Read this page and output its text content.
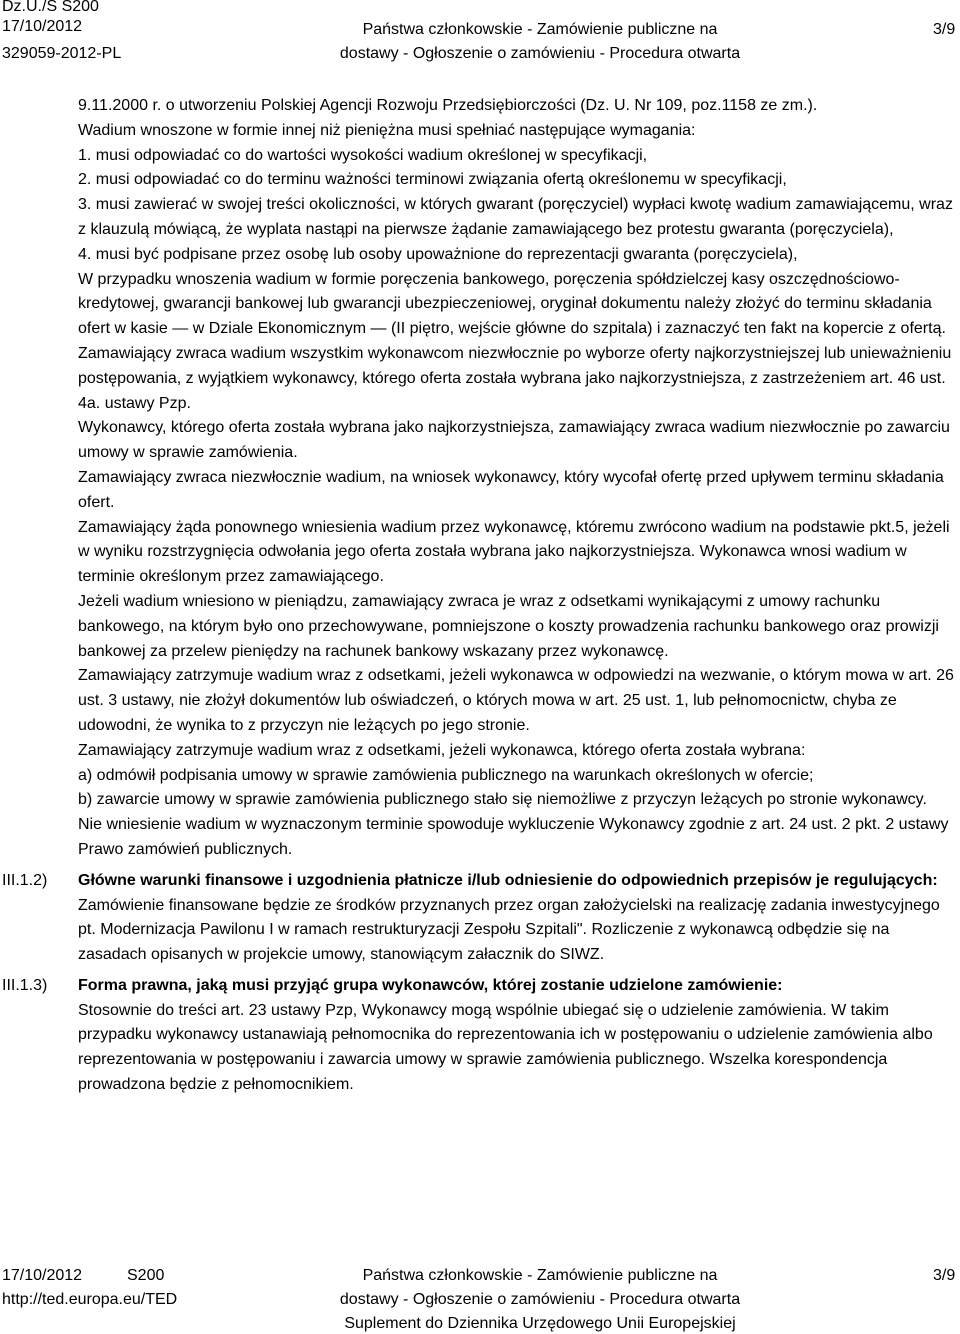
Dz.U./S S200
17/10/2012
329059-2012-PL
Państwa członkowskie - Zamówienie publiczne na
dostawy - Ogłoszenie o zamówieniu - Procedura otwarta
3/9

9.11.2000 r. o utworzeniu Polskiej Agencji Rozwoju Przedsiębiorczości (Dz. U. Nr 109, poz.1158 ze zm.).

Wadium wnoszone w formie innej niż pieniężna musi spełniać następujące wymagania:

1. musi odpowiadać co do wartości wysokości wadium określonej w specyfikacji,

2. musi odpowiadać co do terminu ważności terminowi związania ofertą określonemu w specyfikacji,

3. musi zawierać w swojej treści okoliczności, w których gwarant (poręczyciel) wypłaci kwotę wadium zamawiającemu, wraz z klauzulą mówiącą, że wyplata nastąpi na pierwsze żądanie zamawiającego bez protestu gwaranta (poręczyciela),

4. musi być podpisane przez osobę lub osoby upoważnione do reprezentacji gwaranta (poręczyciela),

W przypadku wnoszenia wadium w formie poręczenia bankowego, poręczenia spółdzielczej kasy oszczędnościowo-kredytowej, gwarancji bankowej lub gwarancji ubezpieczeniowej, oryginał dokumentu należy złożyć do terminu składania ofert w kasie — w Dziale Ekonomicznym — (II piętro, wejście główne do szpitala) i zaznaczyć ten fakt na kopercie z ofertą.

Zamawiający zwraca wadium wszystkim wykonawcom niezwłocznie po wyborze oferty najkorzystniejszej lub unieważnieniu postępowania, z wyjątkiem wykonawcy, którego oferta została wybrana jako najkorzystniejsza, z zastrzeżeniem art. 46 ust. 4a. ustawy Pzp.

Wykonawcy, którego oferta została wybrana jako najkorzystniejsza, zamawiający zwraca wadium niezwłocznie po zawarciu umowy w sprawie zamówienia.

Zamawiający zwraca niezwłocznie wadium, na wniosek wykonawcy, który wycofał ofertę przed upływem terminu składania ofert.

Zamawiający żąda ponownego wniesienia wadium przez wykonawcę, któremu zwrócono wadium na podstawie pkt.5, jeżeli w wyniku rozstrzygnięcia odwołania jego oferta została wybrana jako najkorzystniejsza. Wykonawca wnosi wadium w terminie określonym przez zamawiającego.

Jeżeli wadium wniesiono w pieniądzu, zamawiający zwraca je wraz z odsetkami wynikającymi z umowy rachunku bankowego, na którym było ono przechowywane, pomniejszone o koszty prowadzenia rachunku bankowego oraz prowizji bankowej za przelew pieniędzy na rachunek bankowy wskazany przez wykonawcę.

Zamawiający zatrzymuje wadium wraz z odsetkami, jeżeli wykonawca w odpowiedzi na wezwanie, o którym mowa w art. 26 ust. 3 ustawy, nie złożył dokumentów lub oświadczeń, o których mowa w art. 25 ust. 1, lub pełnomocnictw, chyba ze udowodni, że wynika to z przyczyn nie leżących po jego stronie.

Zamawiający zatrzymuje wadium wraz z odsetkami, jeżeli wykonawca, którego oferta została wybrana:

a) odmówił podpisania umowy w sprawie zamówienia publicznego na warunkach określonych w ofercie;

b) zawarcie umowy w sprawie zamówienia publicznego stało się niemożliwe z przyczyn leżących po stronie wykonawcy.

Nie wniesienie wadium w wyznaczonym terminie spowoduje wykluczenie Wykonawcy zgodnie z art. 24 ust. 2 pkt. 2 ustawy Prawo zamówień publicznych.

III.1.2)	Główne warunki finansowe i uzgodnienia płatnicze i/lub odniesienie do odpowiednich przepisów je regulujących:

Zamówienie finansowane będzie ze środków przyznanych przez organ założycielski na realizację zadania inwestycyjnego pt. Modernizacja Pawilonu I w ramach restrukturyzacji Zespołu Szpitali". Rozliczenie z wykonawcą odbędzie się na zasadach opisanych w projekcie umowy, stanowiącym załacznik do SIWZ.

III.1.3)	Forma prawna, jaką musi przyjąć grupa wykonawców, której zostanie udzielone zamówienie:

Stosownie do treści art. 23 ustawy Pzp, Wykonawcy mogą wspólnie ubiegać się o udzielenie zamówienia. W takim przypadku wykonawcy ustanawiają pełnomocnika do reprezentowania ich w postępowaniu o udzielenie zamówienia albo reprezentowania w postępowaniu i zawarcia umowy w sprawie zamówienia publicznego. Wszelka korespondencja prowadzona będzie z pełnomocnikiem.

17/10/2012	S200
http://ted.europa.eu/TED
Państwa członkowskie - Zamówienie publiczne na
dostawy - Ogłoszenie o zamówieniu - Procedura otwarta
Suplement do Dziennika Urzędowego Unii Europejskiej
3/9
